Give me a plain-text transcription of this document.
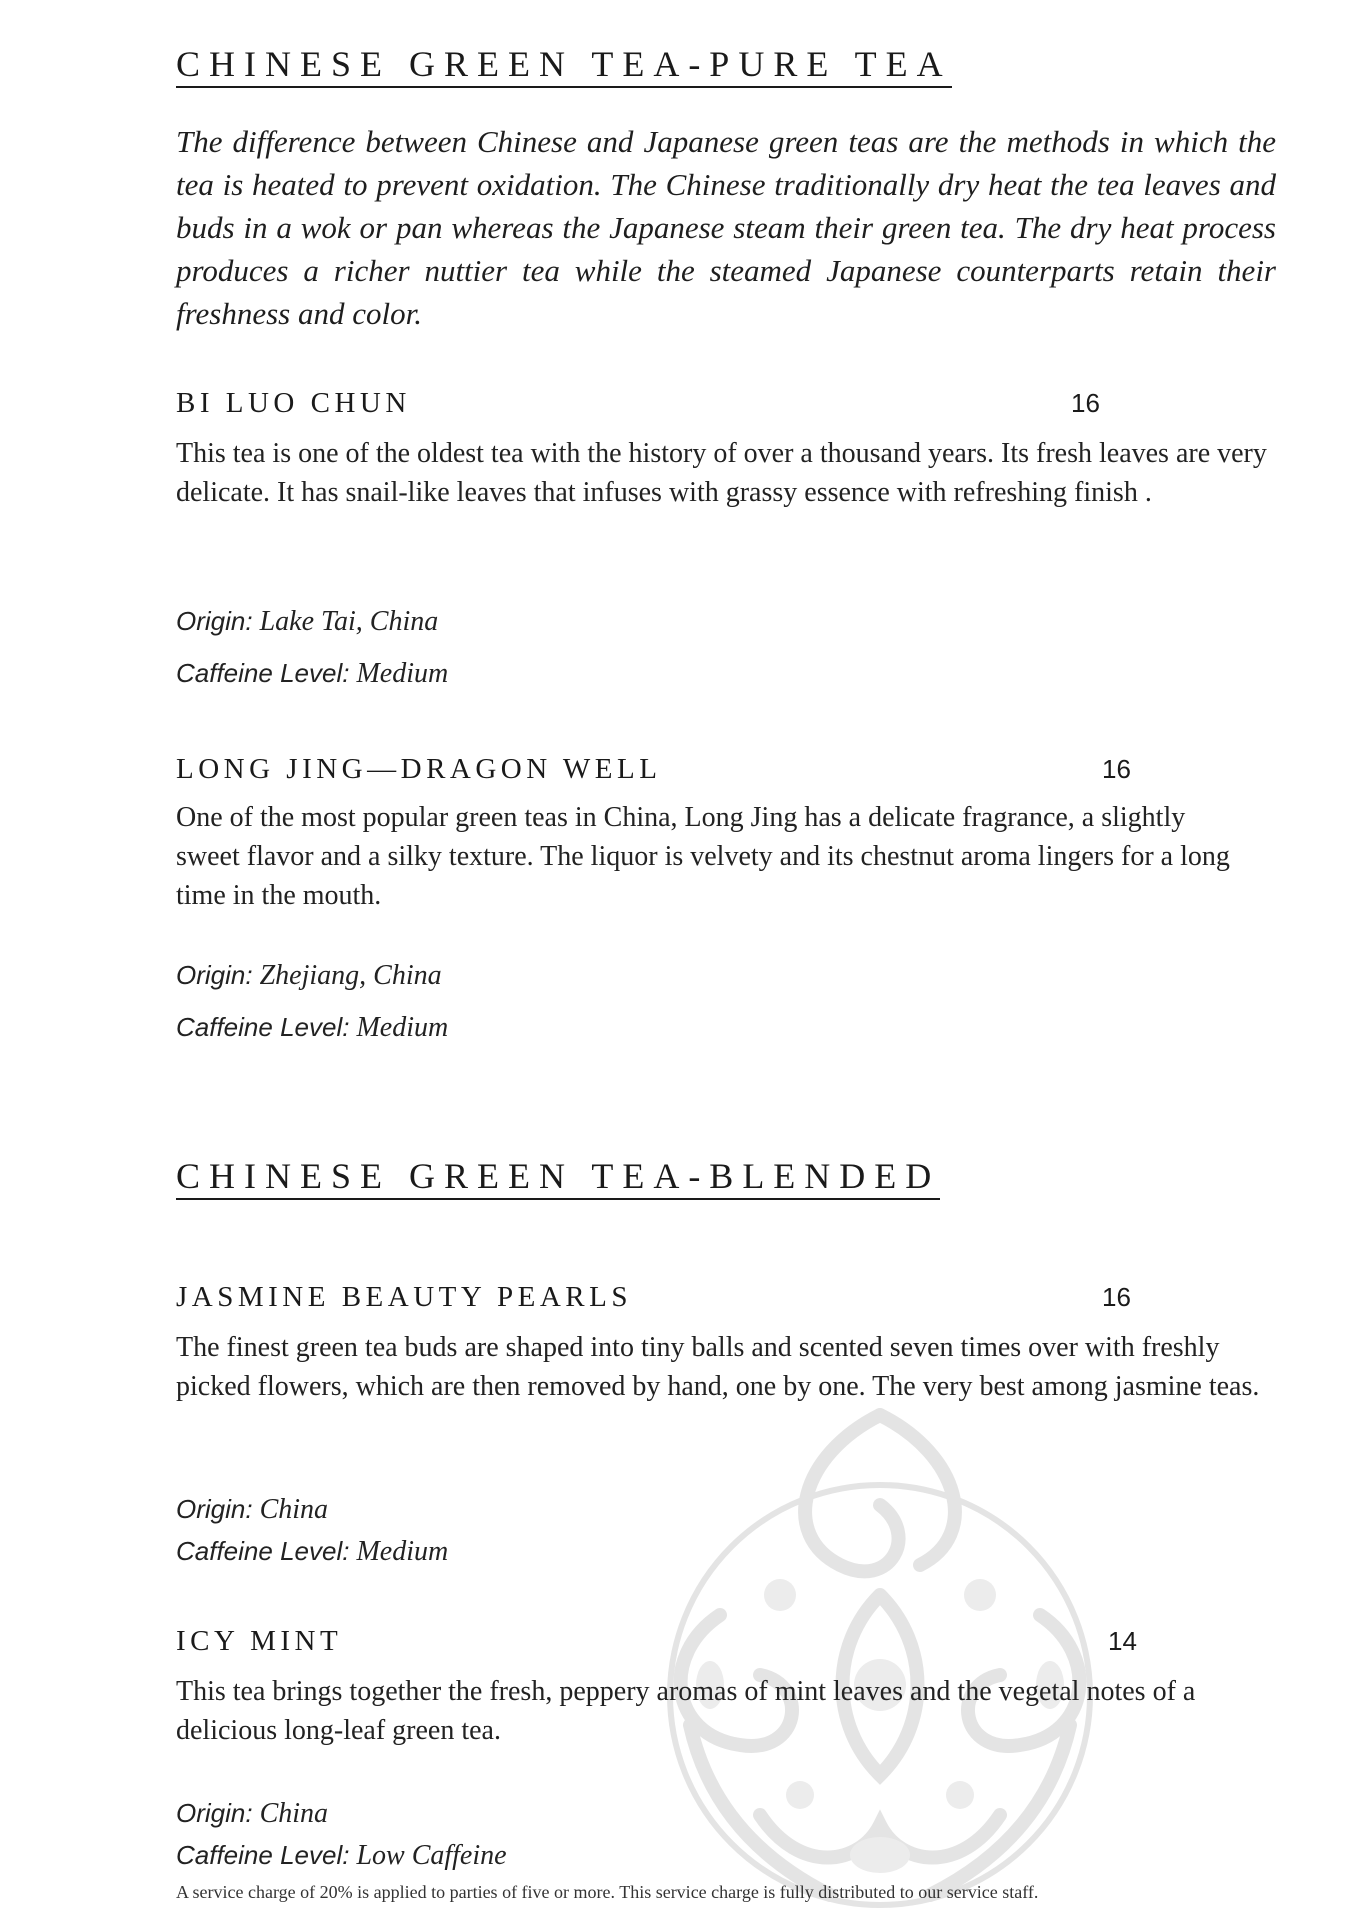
CHINESE GREEN TEA-PURE TEA

The difference between Chinese and Japanese green teas are the methods in which the tea is heated to prevent oxidation. The Chinese traditionally dry heat the tea leaves and buds in a wok or pan whereas the Japanese steam their green tea. The dry heat process produces a richer nuttier tea while the steamed Japanese counterparts retain their freshness and color.

BI LUO CHUN	16

This tea is one of the oldest tea with the history of over a thousand years. Its fresh leaves are very delicate. It has snail-like leaves that infuses with grassy essence with refreshing finish .

Origin: Lake Tai, China

Caffeine Level: Medium

LONG JING—DRAGON WELL	16

One of the most popular green teas in China, Long Jing has a delicate fragrance, a slightly sweet flavor and a silky texture. The liquor is velvety and its chestnut aroma lingers for a long time in the mouth.

Origin: Zhejiang, China

Caffeine Level: Medium

CHINESE GREEN TEA-BLENDED
JASMINE BEAUTY PEARLS	16

The finest green tea buds are shaped into tiny balls and scented seven times over with freshly picked flowers, which are then removed by hand, one by one. The very best among jasmine teas.

Origin: China

Caffeine Level: Medium

ICY MINT	14

This tea brings together the fresh, peppery aromas of mint leaves and the vegetal notes of a delicious long-leaf green tea.

Origin: China

Caffeine Level: Low Caffeine

A service charge of 20% is applied to parties of five or more. This service charge is fully distributed to our service staff.
